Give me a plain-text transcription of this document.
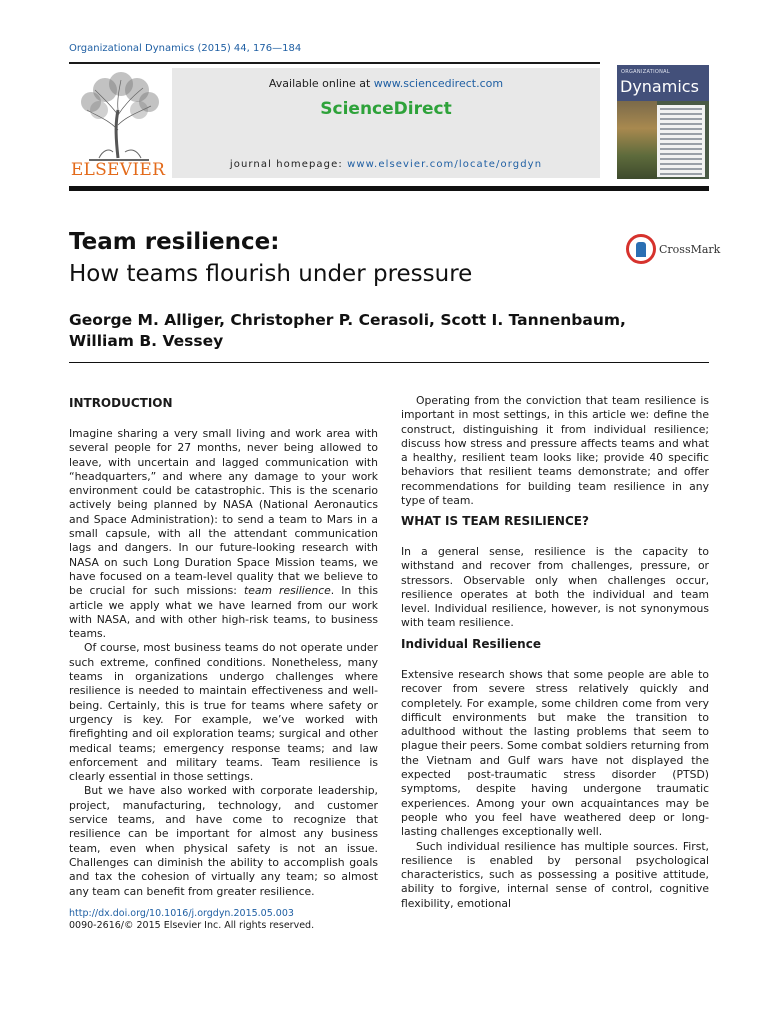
Organizational Dynamics (2015) 44, 176—184
ELSEVIER
Available online at www.sciencedirect.com
ScienceDirect
journal homepage: www.elsevier.com/locate/orgdyn
ORGANIZATIONAL
Dynamics
Team resilience:
How teams flourish under pressure
CrossMark
George M. Alliger, Christopher P. Cerasoli, Scott I. Tannenbaum,
William B. Vessey
INTRODUCTION

Imagine sharing a very small living and work area with several people for 27 months, never being allowed to leave, with uncertain and lagged communication with “headquarters,” and where any damage to your work environment could be catastrophic. This is the scenario actively being planned by NASA (National Aeronautics and Space Administration): to send a team to Mars in a small capsule, with all the attendant communication lags and dangers. In our future-looking research with NASA on such Long Duration Space Mission teams, we have focused on a team-level quality that we believe to be crucial for such missions: team resilience. In this article we apply what we have learned from our work with NASA, and with other high-risk teams, to business teams.

Of course, most business teams do not operate under such extreme, confined conditions. Nonetheless, many teams in organizations undergo challenges where resilience is needed to maintain effectiveness and well-being. Certainly, this is true for teams where safety or urgency is key. For example, we’ve worked with firefighting and oil exploration teams; surgical and other medical teams; emergency response teams; and law enforcement and military teams. Team resilience is clearly essential in those settings.

But we have also worked with corporate leadership, project, manufacturing, technology, and customer service teams, and have come to recognize that resilience can be important for almost any business team, even when physical safety is not an issue. Challenges can diminish the ability to accomplish goals and tax the cohesion of virtually any team; so almost any team can benefit from greater resilience.

Operating from the conviction that team resilience is important in most settings, in this article we: define the construct, distinguishing it from individual resilience; discuss how stress and pressure affects teams and what a healthy, resilient team looks like; provide 40 specific behaviors that resilient teams demonstrate; and offer recommendations for building team resilience in any type of team.

WHAT IS TEAM RESILIENCE?

In a general sense, resilience is the capacity to withstand and recover from challenges, pressure, or stressors. Observable only when challenges occur, resilience operates at both the individual and team level. Individual resilience, however, is not synonymous with team resilience.

Individual Resilience

Extensive research shows that some people are able to recover from severe stress relatively quickly and completely. For example, some children come from very difficult environments but make the transition to adulthood without the lasting problems that seem to plague their peers. Some combat soldiers returning from the Vietnam and Gulf wars have not displayed the expected post-traumatic stress disorder (PTSD) symptoms, despite having undergone traumatic experiences. Among your own acquaintances may be people who you feel have weathered deep or long-lasting challenges exceptionally well.

Such individual resilience has multiple sources. First, resilience is enabled by personal psychological characteristics, such as possessing a positive attitude, ability to forgive, internal sense of control, cognitive flexibility, emotional

http://dx.doi.org/10.1016/j.orgdyn.2015.05.003
0090-2616/© 2015 Elsevier Inc. All rights reserved.
